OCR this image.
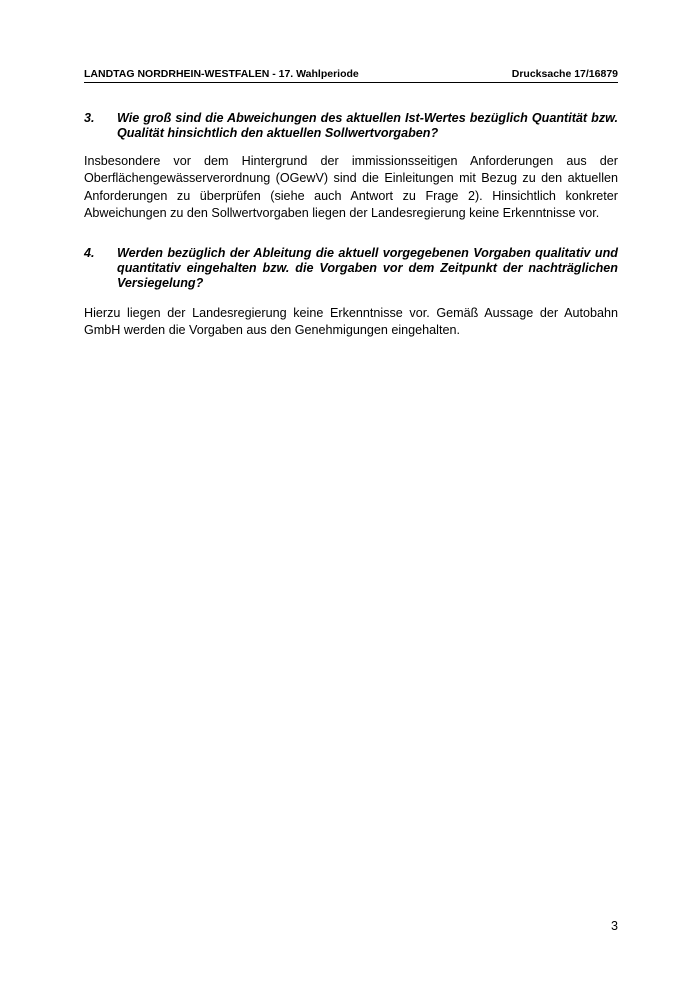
LANDTAG NORDRHEIN-WESTFALEN - 17. Wahlperiode	Drucksache 17/16879
3.	Wie groß sind die Abweichungen des aktuellen Ist-Wertes bezüglich Quantität bzw. Qualität hinsichtlich den aktuellen Sollwertvorgaben?
Insbesondere vor dem Hintergrund der immissionsseitigen Anforderungen aus der Oberflächengewässerverordnung (OGewV) sind die Einleitungen mit Bezug zu den aktuellen Anforderungen zu überprüfen (siehe auch Antwort zu Frage 2). Hinsichtlich konkreter Abweichungen zu den Sollwertvorgaben liegen der Landesregierung keine Erkenntnisse vor.
4.	Werden bezüglich der Ableitung die aktuell vorgegebenen Vorgaben qualitativ und quantitativ eingehalten bzw. die Vorgaben vor dem Zeitpunkt der nachträglichen Versiegelung?
Hierzu liegen der Landesregierung keine Erkenntnisse vor. Gemäß Aussage der Autobahn GmbH werden die Vorgaben aus den Genehmigungen eingehalten.
3
